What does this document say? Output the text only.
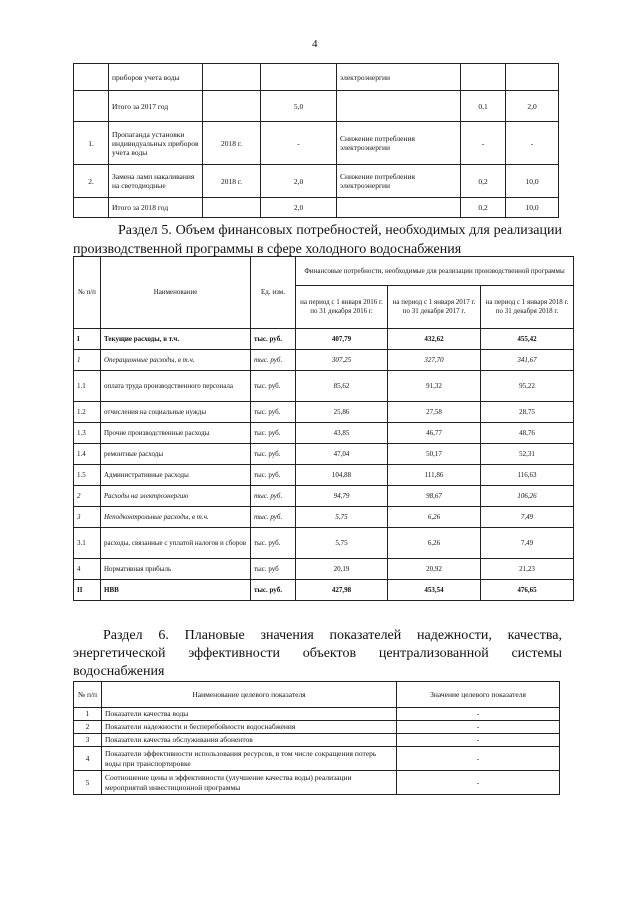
4
	приборов учета воды			электроэнергии		
	Итого за 2017 год		5,0		0,1	2,0
1.	Пропаганда установки индивидуальных приборов учета воды	2018 г.	-	Снижение потребления электроэнергии	-	-
2.	Замена ламп накаливания на светодиодные	2018 г.	2,0	Снижение потребления электроэнергии	0,2	10,0
	Итого за 2018 год		2,0		0,2	10,0
Раздел 5. Объем финансовых потребностей, необходимых для реализации
производственной программы в сфере холодного водоснабжения
№ п/п	Наименование	Ед. изм.	Финансовые потребности, необходимые для реализации производственной программы		
			на период с 1 января 2016 г. по 31 декабря 2016 г.	на период с 1 января 2017 г. по 31 декабря 2017 г.	на период с 1 января 2018 г. по 31 декабря 2018 г.
I	Текущие расходы, в т.ч.	тыс. руб.	407,79	432,62	455,42
1	Операционные расходы, в т.ч.	тыс. руб.	307,25	327,70	341,67
1.1	оплата труда производственного персонала	тыс. руб.	85,62	91,32	95,22
1.2	отчисления на социальные нужды	тыс. руб.	25,86	27,58	28,75
1.3	Прочие производственные расходы	тыс. руб.	43,85	46,77	48,76
1.4	ремонтные расходы	тыс. руб.	47,04	50,17	52,31
1.5	Административные расходы	тыс. руб.	104,88	111,86	116,63
2	Расходы на электроэнергию	тыс. руб.	94,79	98,67	106,26
3	Неподконтрольные расходы, в т.ч.	тыс. руб.	5,75	6,26	7,49
3.1	расходы, связанные с уплатой налогов и сборов	тыс. руб.	5,75	6,26	7,49
4	Нормативная прибыль	тыс. руб	20,19	20,92	21,23
II	НВВ	тыс. руб.	427,98	453,54	476,65
Раздел 6. Плановые значения показателей надежности, качества,
энергетической эффективности объектов централизованной системы
водоснабжения
№ п/п	Наименование целевого показателя	Значение целевого показателя
1	Показатели качества воды	-
2	Показатели надежности и бесперебойности водоснабжения	-
3	Показатели качества обслуживания абонентов	-
4	Показатели эффективности использования ресурсов, в том числе сокращения потерь воды при транспортировке	-
5	Соотношение цены и эффективности (улучшение качества воды) реализации мероприятий инвестиционной программы	-
